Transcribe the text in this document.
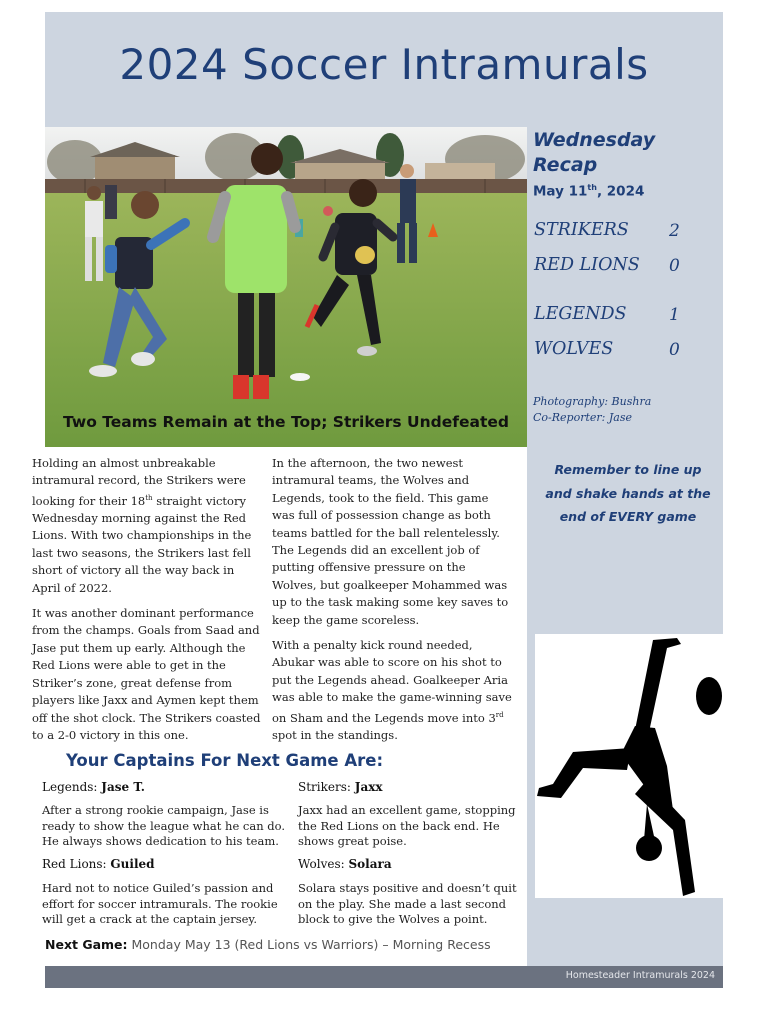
2024 Soccer Intramurals
Two Teams Remain at the Top; Strikers Undefeated
Wednesday
Recap
May 11th, 2024
STRIKERS 2
RED LIONS 0
LEGENDS	1
WOLVES	0
Photography: Bushra
Co-Reporter: Jase
Remember to line up and shake hands at the end of EVERY game

Holding an almost unbreakable intramural record, the Strikers were looking for their 18th straight victory Wednesday morning against the Red Lions. With two championships in the last two seasons, the Strikers last fell short of victory all the way back in April of 2022.

It was another dominant performance from the champs. Goals from Saad and Jase put them up early. Although the Red Lions were able to get in the Striker’s zone, great defense from players like Jaxx and Aymen kept them off the shot clock. The Strikers coasted to a 2-0 victory in this one.

In the afternoon, the two newest intramural teams, the Wolves and Legends, took to the field. This game was full of possession change as both teams battled for the ball relentelessly. The Legends did an excellent job of putting offensive pressure on the Wolves, but goalkeeper Mohammed was up to the task making some key saves to keep the game scoreless.

With a penalty kick round needed, Abukar was able to score on his shot to put the Legends ahead. Goalkeeper Aria was able to make the game-winning save on Sham and the Legends move into 3rd spot in the standings.

Your Captains For Next Game Are:
Legends: Jase T.
After a strong rookie campaign, Jase is ready to show the league what he can do. He always shows dedication to his team.
Red Lions: Guiled
Hard not to notice Guiled’s passion and effort for soccer intramurals. The rookie will get a crack at the captain jersey.
Strikers: Jaxx
Jaxx had an excellent game, stopping the Red Lions on the back end. He shows great poise.
Wolves: Solara
Solara stays positive and doesn’t quit on the play. She made a last second block to give the Wolves a point.
Next Game: Monday May 13 (Red Lions vs Warriors) – Morning Recess
Homesteader Intramurals 2024
